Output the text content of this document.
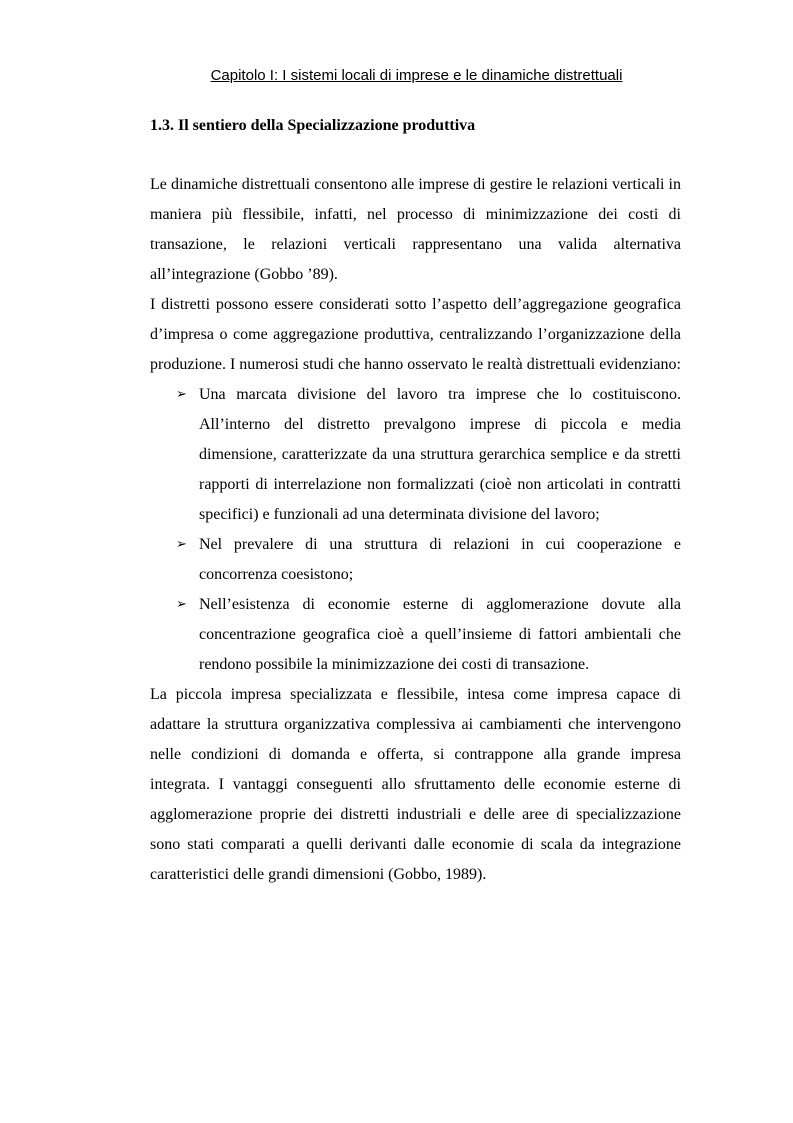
Capitolo I: I sistemi locali di imprese e le dinamiche distrettuali
1.3. Il sentiero della Specializzazione produttiva

Le dinamiche distrettuali consentono alle imprese di gestire le relazioni verticali in maniera più flessibile, infatti, nel processo di minimizzazione dei costi di transazione, le relazioni verticali rappresentano una valida alternativa all’integrazione (Gobbo ’89).

I distretti possono essere considerati sotto l’aspetto dell’aggregazione geografica d’impresa o come aggregazione produttiva, centralizzando l’organizzazione della produzione. I numerosi studi che hanno osservato le realtà distrettuali evidenziano:

➢ Una marcata divisione del lavoro tra imprese che lo costituiscono. All’interno del distretto prevalgono imprese di piccola e media dimensione, caratterizzate da una struttura gerarchica semplice e da stretti rapporti di interrelazione non formalizzati (cioè non articolati in contratti specifici) e funzionali ad una determinata divisione del lavoro;
➢ Nel prevalere di una struttura di relazioni in cui cooperazione e concorrenza coesistono;
➢ Nell’esistenza di economie esterne di agglomerazione dovute alla concentrazione geografica cioè a quell’insieme di fattori ambientali che rendono possibile la minimizzazione dei costi di transazione.

La piccola impresa specializzata e flessibile, intesa come impresa capace di adattare la struttura organizzativa complessiva ai cambiamenti che intervengono nelle condizioni di domanda e offerta, si contrappone alla grande impresa integrata. I vantaggi conseguenti allo sfruttamento delle economie esterne di agglomerazione proprie dei distretti industriali e delle aree di specializzazione sono stati comparati a quelli derivanti dalle economie di scala da integrazione caratteristici delle grandi dimensioni (Gobbo, 1989).
